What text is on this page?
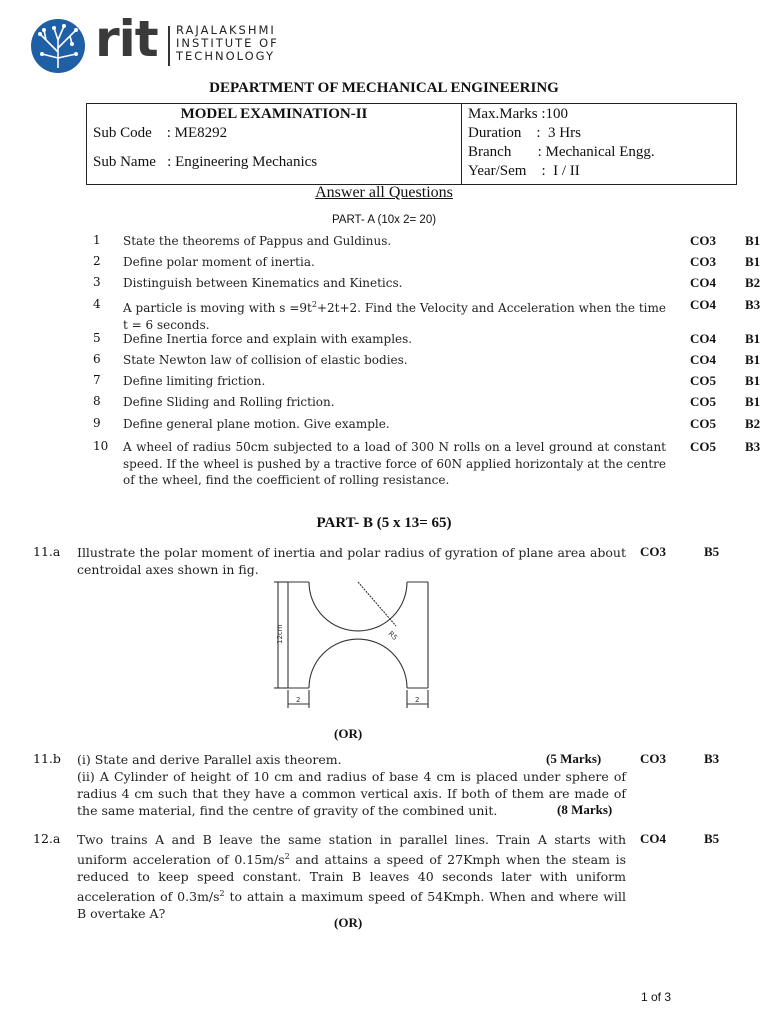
rit RAJALAKSHMI
INSTITUTE OF
TECHNOLOGY
DEPARTMENT OF MECHANICAL ENGINEERING
MODEL EXAMINATION-II
Sub Code    : ME8292
Sub Name   : Engineering Mechanics

Max.Marks :100
Duration    :  3 Hrs
Branch       : Mechanical Engg.
Year/Sem    :  I / II
Answer all Questions
PART- A (10x 2= 20)
1 State the theorems of Pappus and Guldinus.	CO3 B1
2 Define polar moment of inertia.	CO3 B1
3 Distinguish between Kinematics and Kinetics.	CO4 B2
4 A particle is moving with $s =9t^2+2t+2$. Find the Velocity and Acceleration when the time t = 6 seconds.
CO4 B3
5 Define Inertia force and explain with examples.	CO4 B1
6 State Newton law of collision of elastic bodies.	CO4 B1
7 Define limiting friction.	CO5 B1
8 Define Sliding and Rolling friction.	CO5 B1
9 Define general plane motion. Give example.	CO5 B2
10 A wheel of radius 50cm subjected to a load of 300 N rolls on a level ground at constant speed. If the wheel is pushed by a tractive force of 60N applied horizontaly at the centre of the wheel, find the coefficient of rolling resistance.
CO5 B3
PART- B (5 x 13= 65)
11.a Illustrate the polar moment of inertia and polar radius of gyration of plane area about centroidal axes shown in fig.
CO3	B5
12cm	R5
2	2
(OR)
11.b (i) State and derive Parallel axis theorem.	(5 Marks)	CO3	B3
(ii) A Cylinder of height of 10 cm and radius of base 4 cm is placed under sphere of radius 4 cm such that they have a common vertical axis. If both of them are made of the same material, find the centre of gravity of the combined unit.	(8 Marks)
12.a Two trains A and B leave the same station in parallel lines. Train A starts with uniform acceleration of $0.15m/s^2$ and attains a speed of 27Kmph when the steam is reduced to keep speed constant. Train B leaves 40 seconds later with uniform acceleration of $0.3m/s^2$ to attain a maximum speed of 54Kmph. When and where will B overtake A?
CO4	B5
(OR)
1 of 3
